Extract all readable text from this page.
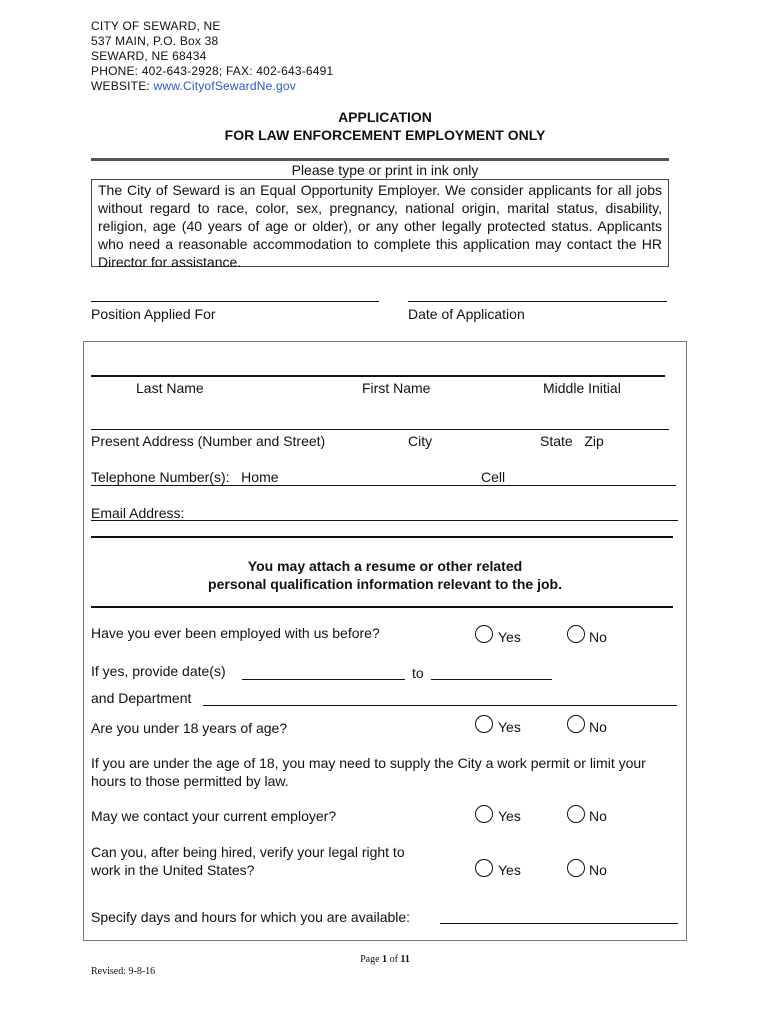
CITY OF SEWARD, NE
537 MAIN, P.O. Box 38
SEWARD, NE 68434
PHONE: 402-643-2928; FAX: 402-643-6491
WEBSITE: www.CityofSewardNe.gov
APPLICATION
FOR LAW ENFORCEMENT EMPLOYMENT ONLY
Please type or print in ink only
The City of Seward is an Equal Opportunity Employer. We consider applicants for all jobs without regard to race, color, sex, pregnancy, national origin, marital status, disability, religion, age (40 years of age or older), or any other legally protected status. Applicants who need a reasonable accommodation to complete this application may contact the HR Director for assistance.
Position Applied For	Date of Application
Last Name	First Name	Middle Initial
Present Address (Number and Street)	City	State   Zip
Telephone Number(s):   Home	Cell
Email Address:
You may attach a resume or other related
personal qualification information relevant to the job.
Have you ever been employed with us before?	Yes	No
If yes, provide date(s)	to
and Department
Are you under 18 years of age?	Yes	No
If you are under the age of 18, you may need to supply the City a work permit or limit your hours to those permitted by law.
May we contact your current employer?	Yes	No
Can you, after being hired, verify your legal right to
work in the United States?	Yes	No
Specify days and hours for which you are available:
Page 1 of 11
Revised: 9-8-16
